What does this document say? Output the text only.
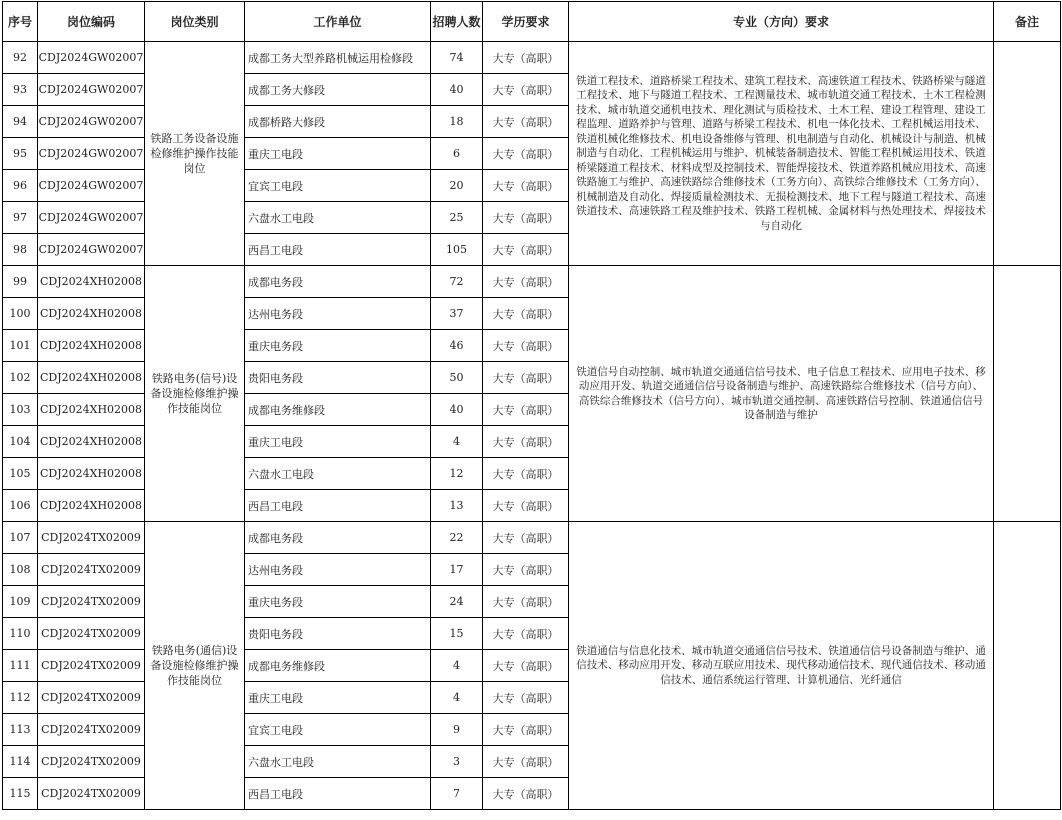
序号	岗位编码	岗位类别	工作单位	招聘人数	学历要求	专业（方向）要求	备注
92	CDJ2024GW02007	铁路工务设备设施检修维护操作技能岗位	成都工务大型养路机械运用检修段	74	大专（高职）	铁道工程技术、道路桥梁工程技术、建筑工程技术、高速铁道工程技术、铁路桥梁与隧道工程技术、地下与隧道工程技术、工程测量技术、城市轨道交通工程技术、土木工程检测技术、城市轨道交通机电技术、理化测试与质检技术、土木工程、建设工程管理、建设工程监理、道路养护与管理、道路与桥梁工程技术、机电一体化技术、工程机械运用技术、铁道机械化维修技术、机电设备维修与管理、机电制造与自动化、机械设计与制造、机械制造与自动化、工程机械运用与维护、机械装备制造技术、智能工程机械运用技术、铁道桥梁隧道工程技术、材料成型及控制技术、智能焊接技术、铁道养路机械应用技术、高速铁路施工与维护、高速铁路综合维修技术（工务方向）、高铁综合维修技术（工务方向）、机械制造及自动化、焊接质量检测技术、无损检测技术、地下工程与隧道工程技术、高速铁道技术、高速铁路工程及维护技术、铁路工程机械、金属材料与热处理技术、焊接技术与自动化	
93	CDJ2024GW02007		成都工务大修段	40	大专（高职）		
94	CDJ2024GW02007		成都桥路大修段	18	大专（高职）		
95	CDJ2024GW02007		重庆工电段	6	大专（高职）		
96	CDJ2024GW02007		宜宾工电段	20	大专（高职）		
97	CDJ2024GW02007		六盘水工电段	25	大专（高职）		
98	CDJ2024GW02007		西昌工电段	105	大专（高职）		
99	CDJ2024XH02008	铁路电务(信号)设备设施检修维护操作技能岗位	成都电务段	72	大专（高职）	铁道信号自动控制、城市轨道交通通信信号技术、电子信息工程技术、应用电子技术、移动应用开发、轨道交通通信信号设备制造与维护、高速铁路综合维修技术（信号方向）、高铁综合维修技术（信号方向）、城市轨道交通控制、高速铁路信号控制、铁道通信信号设备制造与维护	
100	CDJ2024XH02008		达州电务段	37	大专（高职）		
101	CDJ2024XH02008		重庆电务段	46	大专（高职）		
102	CDJ2024XH02008		贵阳电务段	50	大专（高职）		
103	CDJ2024XH02008		成都电务维修段	40	大专（高职）		
104	CDJ2024XH02008		重庆工电段	4	大专（高职）		
105	CDJ2024XH02008		六盘水工电段	12	大专（高职）		
106	CDJ2024XH02008		西昌工电段	13	大专（高职）		
107	CDJ2024TX02009	铁路电务(通信)设备设施检修维护操作技能岗位	成都电务段	22	大专（高职）	铁道通信与信息化技术、城市轨道交通通信信号技术、铁道通信信号设备制造与维护、通信技术、移动应用开发、移动互联应用技术、现代移动通信技术、现代通信技术、移动通信技术、通信系统运行管理、计算机通信、光纤通信	
108	CDJ2024TX02009		达州电务段	17	大专（高职）		
109	CDJ2024TX02009		重庆电务段	24	大专（高职）		
110	CDJ2024TX02009		贵阳电务段	15	大专（高职）		
111	CDJ2024TX02009		成都电务维修段	4	大专（高职）		
112	CDJ2024TX02009		重庆工电段	4	大专（高职）		
113	CDJ2024TX02009		宜宾工电段	9	大专（高职）		
114	CDJ2024TX02009		六盘水工电段	3	大专（高职）		
115	CDJ2024TX02009		西昌工电段	7	大专（高职）		
